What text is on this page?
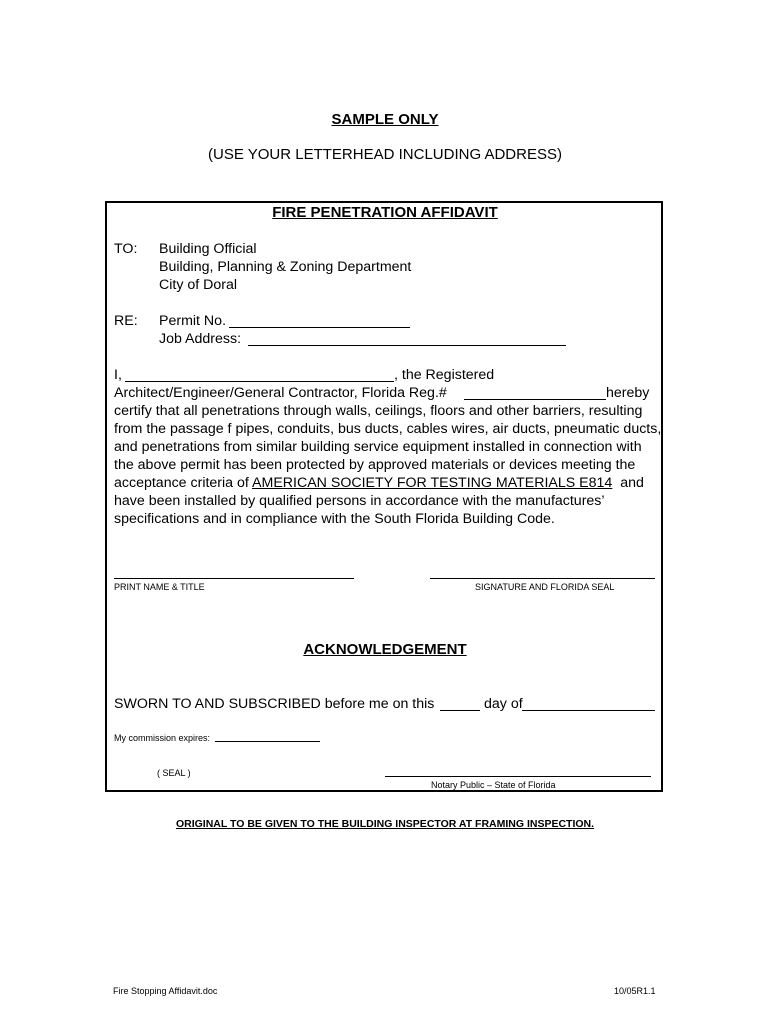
SAMPLE ONLY
(USE YOUR LETTERHEAD INCLUDING ADDRESS)
FIRE PENETRATION AFFIDAVIT
TO: Building Official
Building, Planning & Zoning Department
City of Doral
RE: Permit No.
Job Address:
I,	, the Registered
Architect/Engineer/General Contractor, Florida Reg.#	hereby
certify that all penetrations through walls, ceilings, floors and other barriers, resulting
from the passage f pipes, conduits, bus ducts, cables wires, air ducts, pneumatic ducts,
and penetrations from similar building service equipment installed in connection with
the above permit has been protected by approved materials or devices meeting the
acceptance criteria of AMERICAN SOCIETY FOR TESTING MATERIALS E814 and
have been installed by qualified persons in accordance with the manufactures’
specifications and in compliance with the South Florida Building Code.
PRINT NAME & TITLE	SIGNATURE AND FLORIDA SEAL
ACKNOWLEDGEMENT
SWORN TO AND SUBSCRIBED before me on this	day of
My commission expires:
( SEAL )
Notary Public – State of Florida
ORIGINAL TO BE GIVEN TO THE BUILDING INSPECTOR AT FRAMING INSPECTION.
Fire Stopping Affidavit.doc	10/05R1.1
